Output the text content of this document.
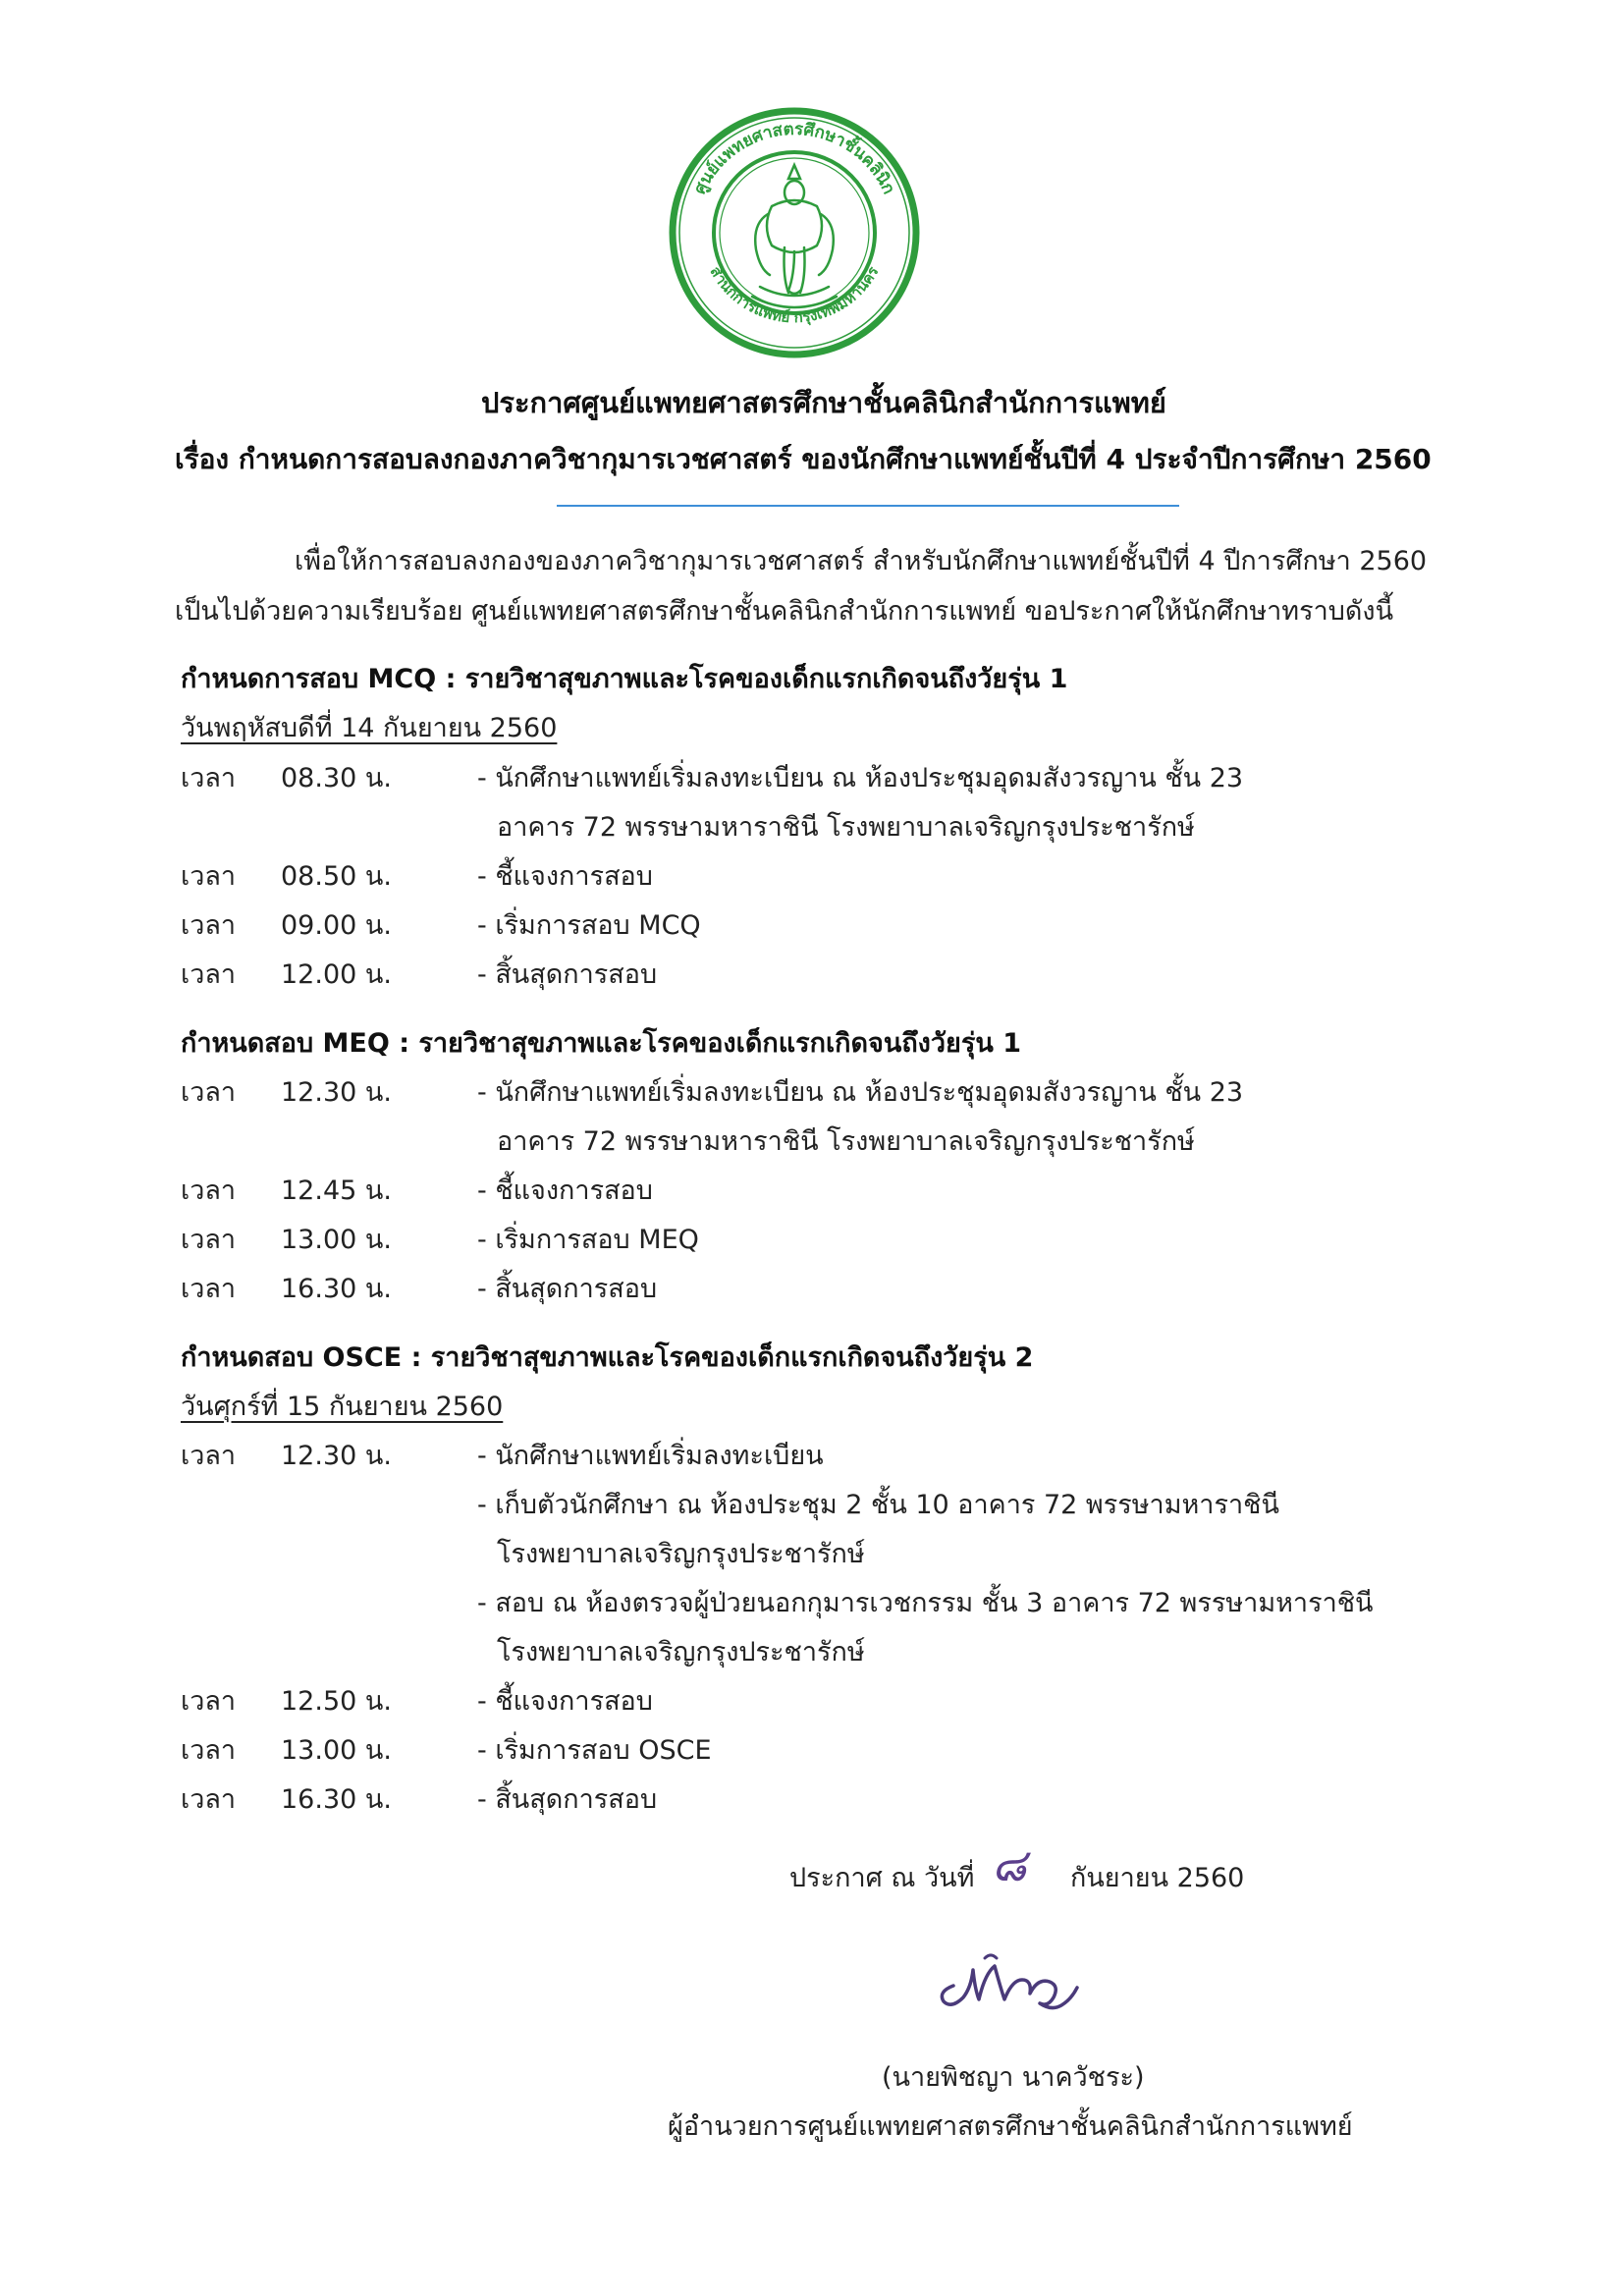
ศูนย์แพทยศาสตรศึกษาชั้นคลินิก
สำนักการแพทย์ กรุงเทพมหานคร
ประกาศศูนย์แพทยศาสตรศึกษาชั้นคลินิกสำนักการแพทย์
เรื่อง กำหนดการสอบลงกองภาควิชากุมารเวชศาสตร์ ของนักศึกษาแพทย์ชั้นปีที่ 4 ประจำปีการศึกษา 2560
เพื่อให้การสอบลงกองของภาควิชากุมารเวชศาสตร์ สำหรับนักศึกษาแพทย์ชั้นปีที่ 4 ปีการศึกษา 2560
เป็นไปด้วยความเรียบร้อย ศูนย์แพทยศาสตรศึกษาชั้นคลินิกสำนักการแพทย์ ขอประกาศให้นักศึกษาทราบดังนี้
กำหนดการสอบ MCQ : รายวิชาสุขภาพและโรคของเด็กแรกเกิดจนถึงวัยรุ่น 1
วันพฤหัสบดีที่ 14 กันยายน 2560
เวลา 08.30 น.	- นักศึกษาแพทย์เริ่มลงทะเบียน ณ ห้องประชุมอุดมสังวรญาน ชั้น 23
อาคาร 72 พรรษามหาราชินี โรงพยาบาลเจริญกรุงประชารักษ์
เวลา 08.50 น.	- ชี้แจงการสอบ
เวลา 09.00 น.	- เริ่มการสอบ MCQ
เวลา 12.00 น.	- สิ้นสุดการสอบ
กำหนดสอบ MEQ : รายวิชาสุขภาพและโรคของเด็กแรกเกิดจนถึงวัยรุ่น 1
เวลา 12.30 น.	- นักศึกษาแพทย์เริ่มลงทะเบียน ณ ห้องประชุมอุดมสังวรญาน ชั้น 23
อาคาร 72 พรรษามหาราชินี โรงพยาบาลเจริญกรุงประชารักษ์
เวลา 12.45 น.	- ชี้แจงการสอบ
เวลา 13.00 น.	- เริ่มการสอบ MEQ
เวลา 16.30 น.	- สิ้นสุดการสอบ
กำหนดสอบ OSCE : รายวิชาสุขภาพและโรคของเด็กแรกเกิดจนถึงวัยรุ่น 2
วันศุกร์ที่ 15 กันยายน 2560
เวลา 12.30 น.	- นักศึกษาแพทย์เริ่มลงทะเบียน
- เก็บตัวนักศึกษา ณ ห้องประชุม 2 ชั้น 10 อาคาร 72 พรรษามหาราชินี
โรงพยาบาลเจริญกรุงประชารักษ์
- สอบ ณ ห้องตรวจผู้ป่วยนอกกุมารเวชกรรม ชั้น 3 อาคาร 72 พรรษามหาราชินี
โรงพยาบาลเจริญกรุงประชารักษ์
เวลา 12.50 น.	- ชี้แจงการสอบ
เวลา 13.00 น.	- เริ่มการสอบ OSCE
เวลา 16.30 น.	- สิ้นสุดการสอบ
ประกาศ ณ วันที่ ๘ กันยายน 2560
(นายพิชญา นาควัชระ)
ผู้อำนวยการศูนย์แพทยศาสตรศึกษาชั้นคลินิกสำนักการแพทย์
